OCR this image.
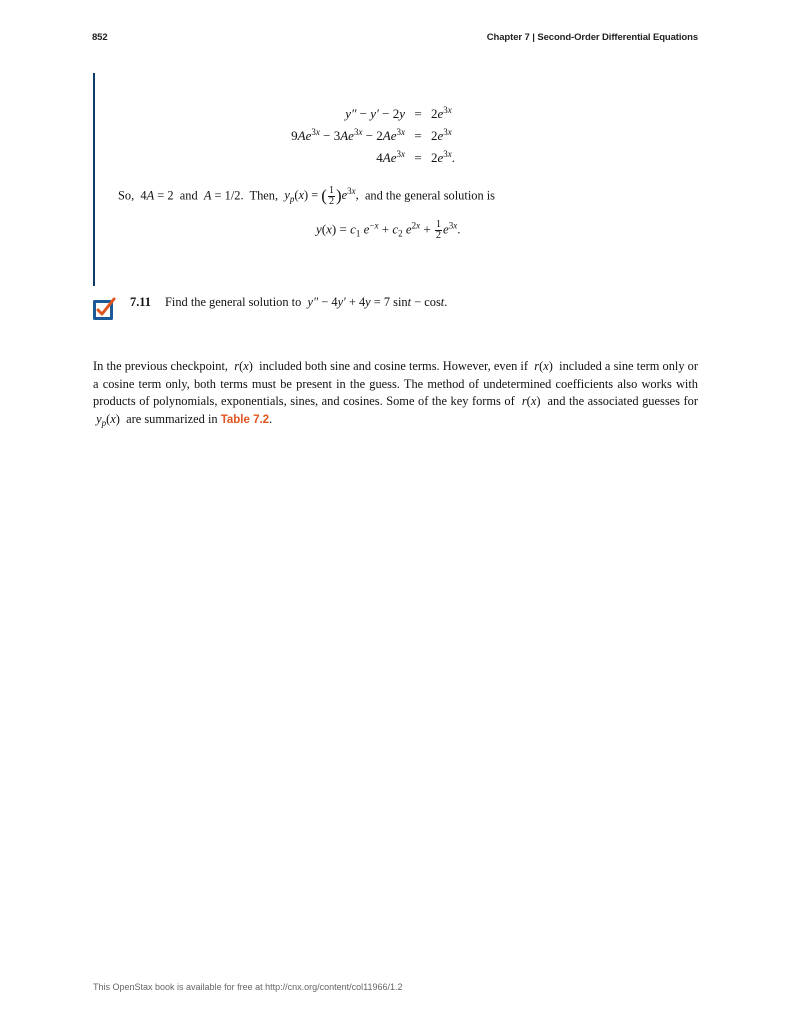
852	Chapter 7 | Second-Order Differential Equations
y″ − y′ − 2y	=	$2e^{3x}$
$9Ae^{3x} - 3Ae^{3x} - 2Ae^{3x}$	=	$2e^{3x}$
$4Ae^{3x}$	=	$2e^{3x}$.
So,  4A = 2  and A = 1/2.  Then, $y_p(x)$ = ( $\frac{1}{2} )e^{3x}$,  and the general solution is
$y(x) = c_1$ $e^{-x} + c_2$ $e^{2x} + \frac{1}{2} e^{3x}$.
7.11 Find the general solution to y″ − 4y′ + 4y = 7 sint − cost.
In the previous checkpoint, r(x)  included both sine and cosine terms. However, even if r(x)  included a sine term only or a cosine term only, both terms must be present in the guess. The method of undetermined coefficients also works with products of polynomials, exponentials, sines, and cosines. Some of the key forms of r(x)  and the associated guesses for  $y_p(x)$  are summarized in Table 7.2.
This OpenStax book is available for free at http://cnx.org/content/col11966/1.2
